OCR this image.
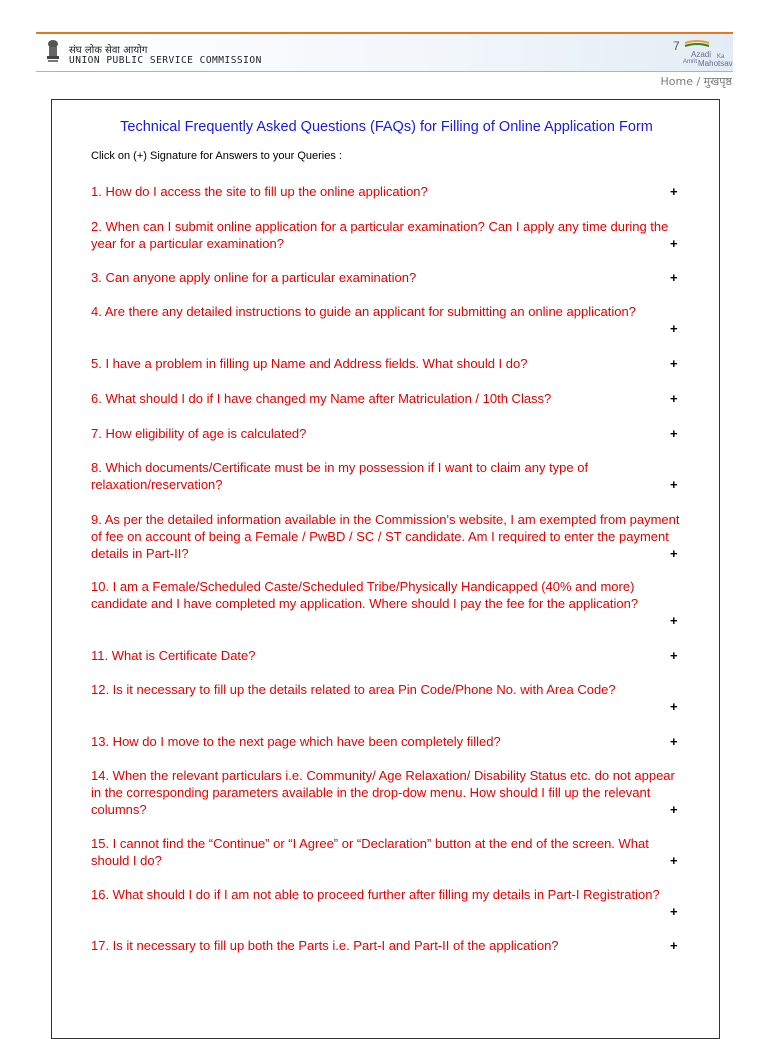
संघ लोक सेवा आयोग
UNION PUBLIC SERVICE COMMISSION
7
Azadi Ka
Amrit Mahotsav
Home / मुखपृष्ठ
Technical Frequently Asked Questions (FAQs) for Filling of Online Application Form

Click on (+) Signature for Answers to your Queries :

1. How do I access the site to fill up the online application?	+
2. When can I submit online application for a particular examination? Can I apply any time during the year for a particular examination?	+
3. Can anyone apply online for a particular examination?	+
4. Are there any detailed instructions to guide an applicant for submitting an online application?
+
5. I have a problem in filling up Name and Address fields. What should I do?	+
6. What should I do if I have changed my Name after Matriculation / 10th Class?	+
7. How eligibility of age is calculated?	+
8. Which documents/Certificate must be in my possession if I want to claim any type of relaxation/reservation?	+
9. As per the detailed information available in the Commission's website, I am exempted from payment of fee on account of being a Female / PwBD / SC / ST candidate. Am I required to enter the payment details in Part-II?	+
10. I am a Female/Scheduled Caste/Scheduled Tribe/Physically Handicapped (40% and more) candidate and I have completed my application. Where should I pay the fee for the application?
+
11. What is Certificate Date?	+
12. Is it necessary to fill up the details related to area Pin Code/Phone No. with Area Code?
+
13. How do I move to the next page which have been completely filled?	+
14. When the relevant particulars i.e. Community/ Age Relaxation/ Disability Status etc. do not appear in the corresponding parameters available in the drop-dow menu. How should I fill up the relevant columns?	+
15. I cannot find the “Continue” or “I Agree” or “Declaration” button at the end of the screen. What should I do?	+
16. What should I do if I am not able to proceed further after filling my details in Part-I Registration?
+
17. Is it necessary to fill up both the Parts i.e. Part-I and Part-II of the application?	+
